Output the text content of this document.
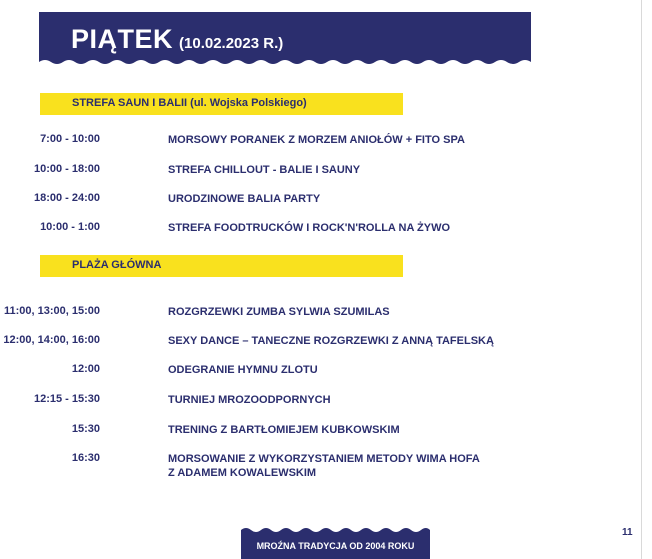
PIĄTEK (10.02.2023 R.)
STREFA SAUN I BALII (ul. Wojska Polskiego)
7:00 - 10:00	MORSOWY PORANEK Z MORZEM ANIOŁÓW + FITO SPA
10:00 - 18:00	STREFA CHILLOUT - BALIE I SAUNY
18:00 - 24:00	URODZINOWE BALIA PARTY
10:00 - 1:00	STREFA FOODTRUCKÓW I ROCK'N'ROLLA NA ŻYWO
PLAŻA GŁÓWNA
11:00, 13:00, 15:00	ROZGRZEWKI ZUMBA SYLWIA SZUMILAS
12:00, 14:00, 16:00	SEXY DANCE – TANECZNE ROZGRZEWKI Z ANNĄ TAFELSKĄ
12:00	ODEGRANIE HYMNU ZLOTU
12:15 - 15:30	TURNIEJ MROZOODPORNYCH
15:30	TRENING Z BARTŁOMIEJEM KUBKOWSKIM
16:30	MORSOWANIE Z WYKORZYSTANIEM METODY WIMA HOFA
Z ADAMEM KOWALEWSKIM
MROŹNA TRADYCJA OD 2004 ROKU
11
